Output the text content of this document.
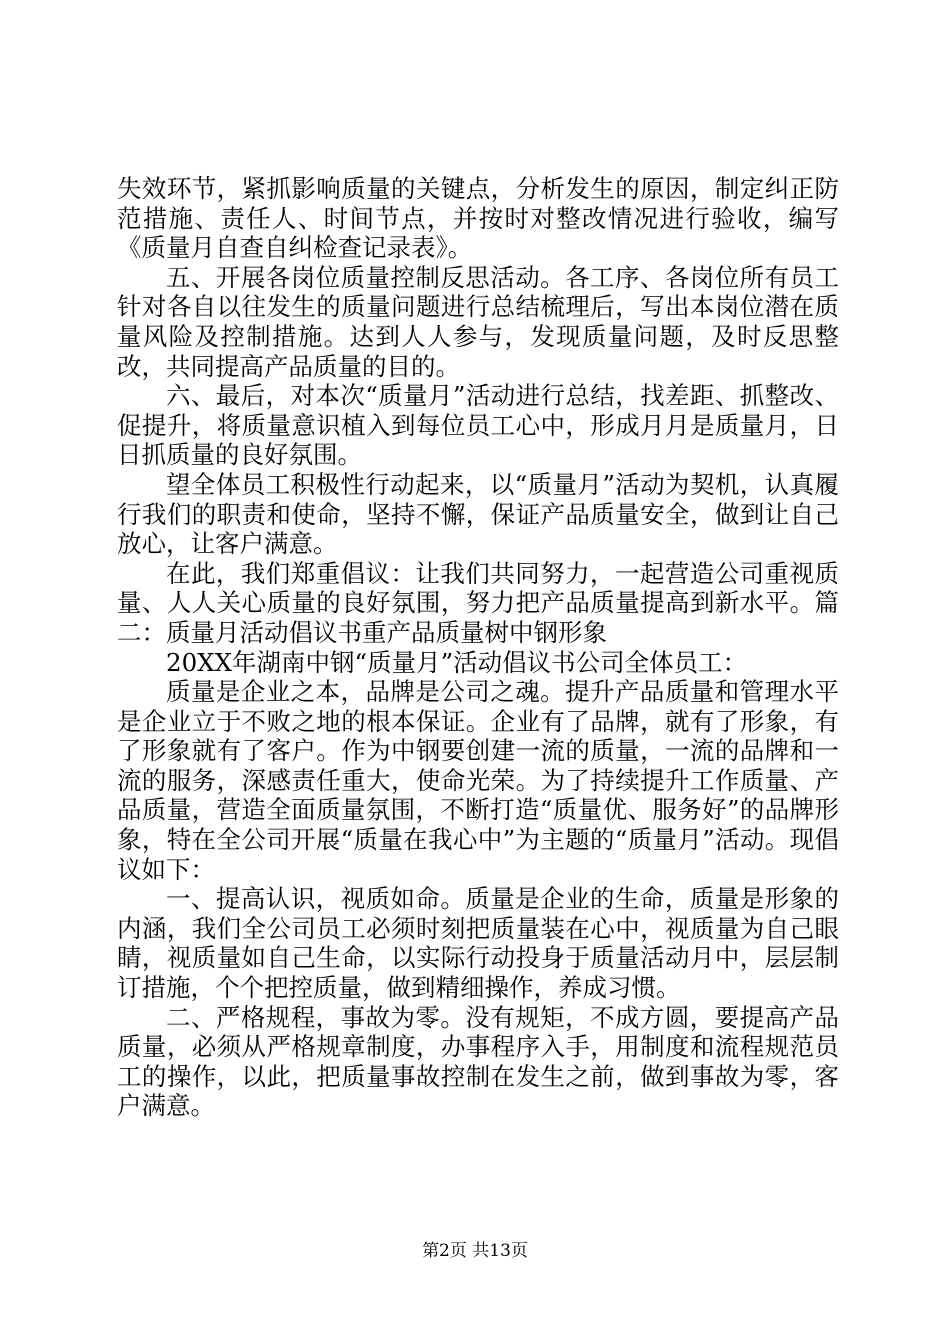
失效环节，紧抓影响质量的关键点，分析发生的原因，制定纠正防范措施、责任人、时间节点，并按时对整改情况进行验收，编写《质量月自查自纠检查记录表》。

五、开展各岗位质量控制反思活动。各工序、各岗位所有员工针对各自以往发生的质量问题进行总结梳理后，写出本岗位潜在质量风险及控制措施。达到人人参与，发现质量问题，及时反思整改，共同提高产品质量的目的。

六、最后，对本次“质量月”活动进行总结，找差距、抓整改、促提升，将质量意识植入到每位员工心中，形成月月是质量月，日日抓质量的良好氛围。

望全体员工积极性行动起来，以“质量月”活动为契机，认真履行我们的职责和使命，坚持不懈，保证产品质量安全，做到让自己放心，让客户满意。

在此，我们郑重倡议：让我们共同努力，一起营造公司重视质量、人人关心质量的良好氛围，努力把产品质量提高到新水平。篇二：质量月活动倡议书重产品质量树中钢形象

20XX年湖南中钢“质量月”活动倡议书公司全体员工：

质量是企业之本，品牌是公司之魂。提升产品质量和管理水平是企业立于不败之地的根本保证。企业有了品牌，就有了形象，有了形象就有了客户。作为中钢要创建一流的质量，一流的品牌和一流的服务，深感责任重大，使命光荣。为了持续提升工作质量、产品质量，营造全面质量氛围，不断打造“质量优、服务好”的品牌形象，特在全公司开展“质量在我心中”为主题的“质量月”活动。现倡议如下：

一、提高认识，视质如命。质量是企业的生命，质量是形象的内涵，我们全公司员工必须时刻把质量装在心中，视质量为自己眼睛，视质量如自己生命，以实际行动投身于质量活动月中，层层制订措施，个个把控质量，做到精细操作，养成习惯。

二、严格规程，事故为零。没有规矩，不成方圆，要提高产品质量，必须从严格规章制度，办事程序入手，用制度和流程规范员工的操作，以此，把质量事故控制在发生之前，做到事故为零，客户满意。

第2页 共13页
